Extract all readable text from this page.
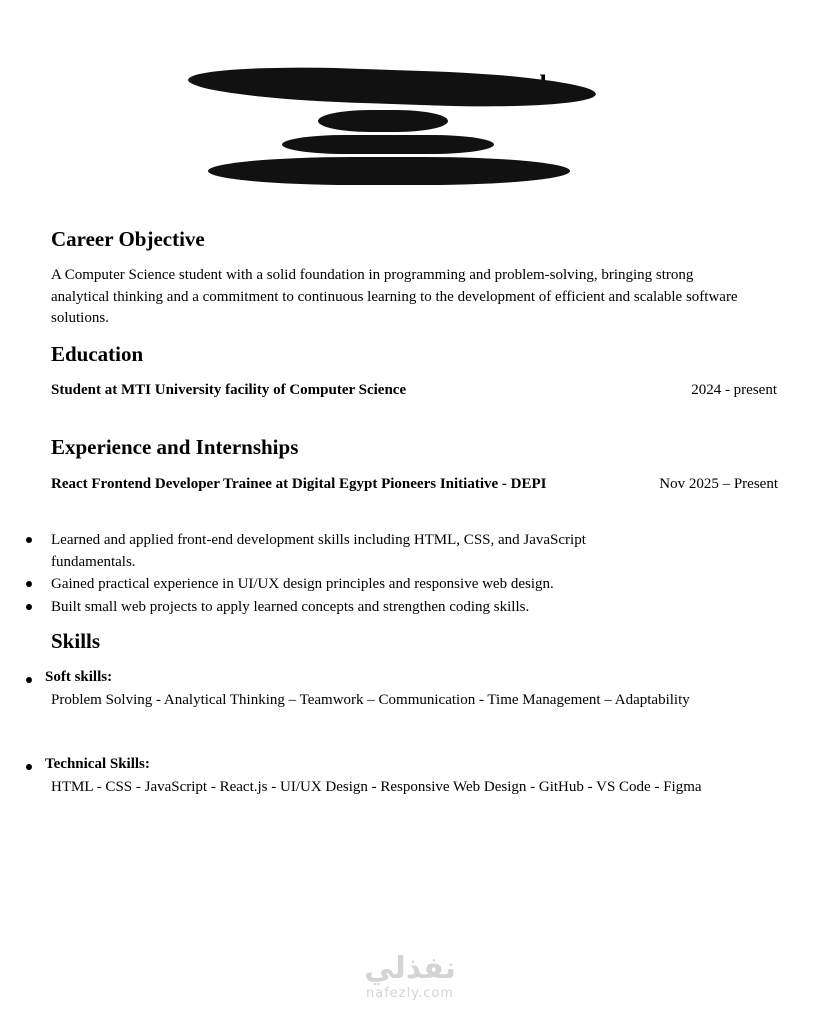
Career Objective
A Computer Science student with a solid foundation in programming and problem-solving, bringing strong analytical thinking and a commitment to continuous learning to the development of efficient and scalable software solutions.
Education
Student at MTI University facility of Computer Science	2024 - present
Experience and Internships
React Frontend Developer Trainee at Digital Egypt Pioneers Initiative - DEPI	Nov 2025 – Present
Learned and applied front-end development skills including HTML, CSS, and JavaScript fundamentals.
Gained practical experience in UI/UX design principles and responsive web design.
Built small web projects to apply learned concepts and strengthen coding skills.
Skills
Soft skills:
Problem Solving - Analytical Thinking – Teamwork – Communication - Time Management – Adaptability
Technical Skills:
HTML - CSS - JavaScript - React.js - UI/UX Design - Responsive Web Design - GitHub - VS Code - Figma
نفذلي
nafezly.com
